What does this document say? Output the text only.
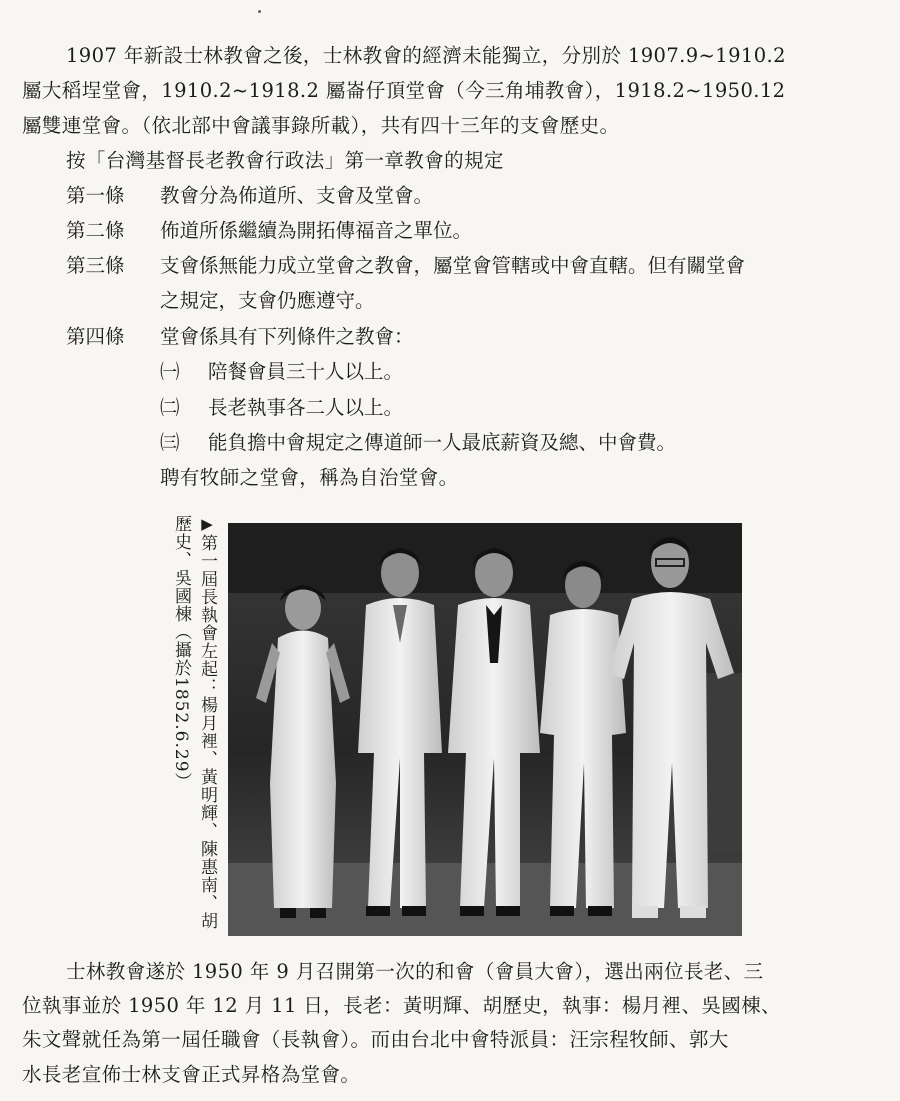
1907 年新設士林教會之後，士林教會的經濟未能獨立，分別於 1907.9~1910.2
屬大稻埕堂會，1910.2~1918.2 屬崙仔頂堂會（今三角埔教會），1918.2~1950.12
屬雙連堂會。（依北部中會議事錄所載），共有四十三年的支會歷史。
按「台灣基督長老教會行政法」第一章教會的規定
第一條 教會分為佈道所、支會及堂會。
第二條 佈道所係繼續為開拓傳福音之單位。
第三條 支會係無能力成立堂會之教會，屬堂會管轄或中會直轄。但有關堂會
之規定，支會仍應遵守。
第四條 堂會係具有下列條件之教會：
㈠ 陪餐會員三十人以上。
㈡ 長老執事各二人以上。
㈢ 能負擔中會規定之傳道師一人最底薪資及總、中會費。
聘有牧師之堂會，稱為自治堂會。
▶第一屆長執會左起：楊月裡、黃明輝、陳惠南、胡歷史、吳國棟（攝於1852.6.29）
士林教會遂於 1950 年 9 月召開第一次的和會（會員大會），選出兩位長老、三
位執事並於 1950 年 12 月 11 日，長老：黃明輝、胡歷史，執事：楊月裡、吳國棟、
朱文聲就任為第一屆任職會（長執會）。而由台北中會特派員：汪宗程牧師、郭大
水長老宣佈士林支會正式昇格為堂會。
